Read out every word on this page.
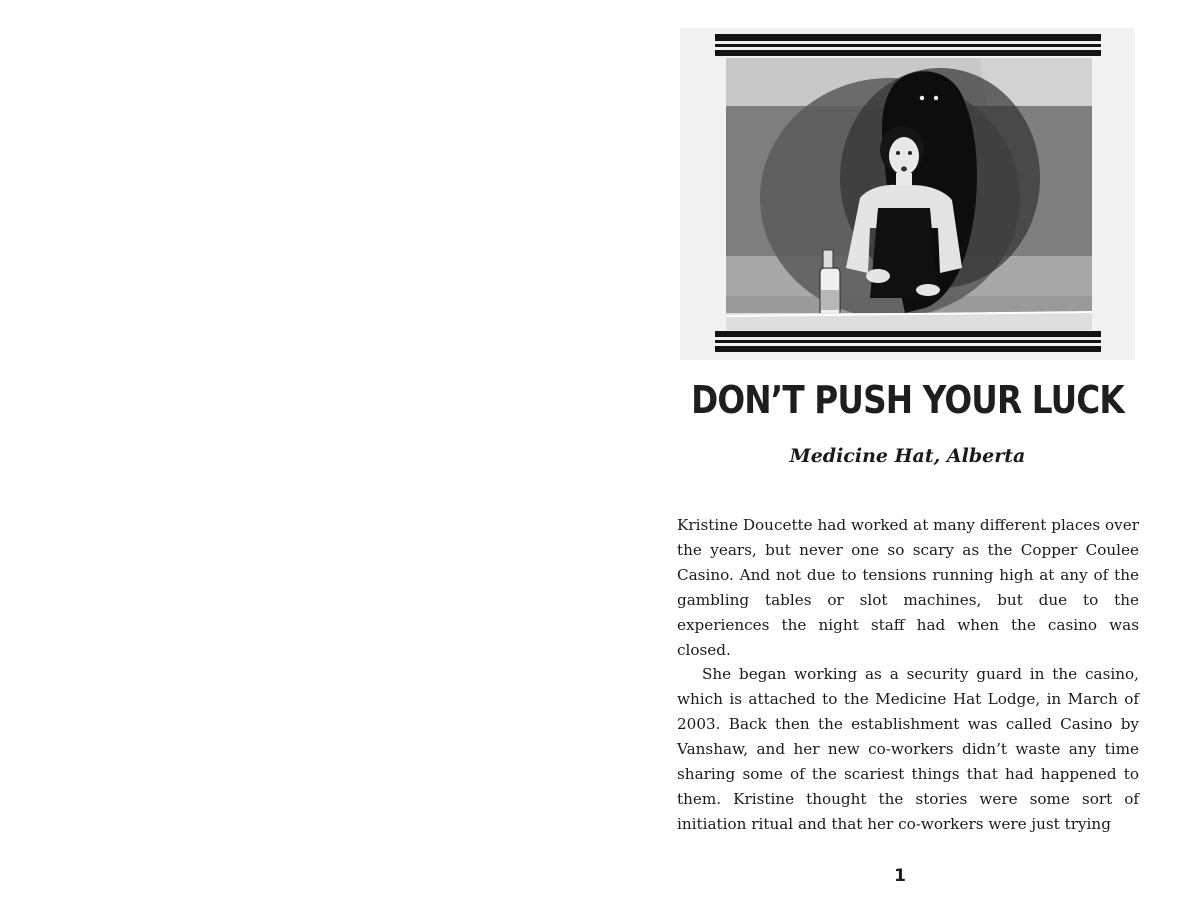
DON’T PUSH YOUR LUCK
Medicine Hat, Alberta

Kristine Doucette had worked at many different places over the years, but never one so scary as the Copper Coulee Casino. And not due to tensions running high at any of the gambling tables or slot machines, but due to the experiences the night staff had when the casino was closed.

She began working as a security guard in the casino, which is attached to the Medicine Hat Lodge, in March of 2003. Back then the establishment was called Casino by Vanshaw, and her new co-workers didn’t waste any time sharing some of the scariest things that had happened to them. Kristine thought the stories were some sort of initiation ritual and that her co-workers were just trying

1
